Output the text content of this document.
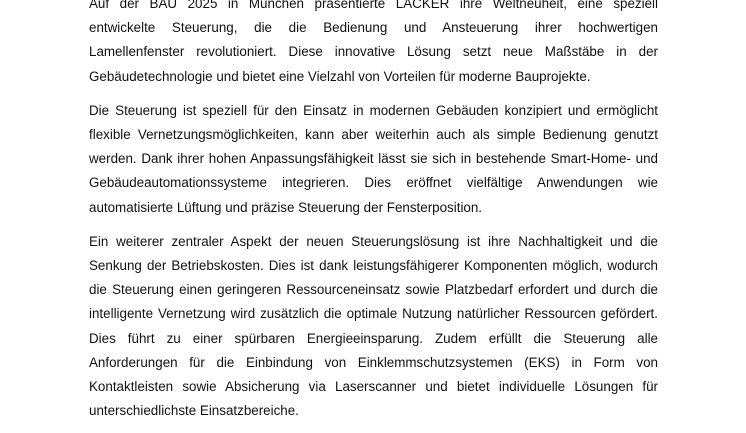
Auf der BAU 2025 in München präsentierte LACKER ihre Weltneuheit, eine speziell
entwickelte Steuerung, die die Bedienung und Ansteuerung ihrer hochwertigen
Lamellenfenster revolutioniert. Diese innovative Lösung setzt neue Maßstäbe in der
Gebäudetechnologie und bietet eine Vielzahl von Vorteilen für moderne Bauprojekte.
Die Steuerung ist speziell für den Einsatz in modernen Gebäuden konzipiert und ermöglicht
flexible Vernetzungsmöglichkeiten, kann aber weiterhin auch als simple Bedienung genutzt
werden. Dank ihrer hohen Anpassungsfähigkeit lässt sie sich in bestehende Smart-Home- und
Gebäudeautomationssysteme integrieren. Dies eröffnet vielfältige Anwendungen wie
automatisierte Lüftung und präzise Steuerung der Fensterposition.
Ein weiterer zentraler Aspekt der neuen Steuerungslösung ist ihre Nachhaltigkeit und die
Senkung der Betriebskosten. Dies ist dank leistungsfähigerer Komponenten möglich, wodurch
die Steuerung einen geringeren Ressourceneinsatz sowie Platzbedarf erfordert und durch die
intelligente Vernetzung wird zusätzlich die optimale Nutzung natürlicher Ressourcen gefördert.
Dies führt zu einer spürbaren Energieeinsparung. Zudem erfüllt die Steuerung alle
Anforderungen für die Einbindung von Einklemmschutzsystemen (EKS) in Form von
Kontaktleisten sowie Absicherung via Laserscanner und bietet individuelle Lösungen für
unterschiedlichste Einsatzbereiche.
